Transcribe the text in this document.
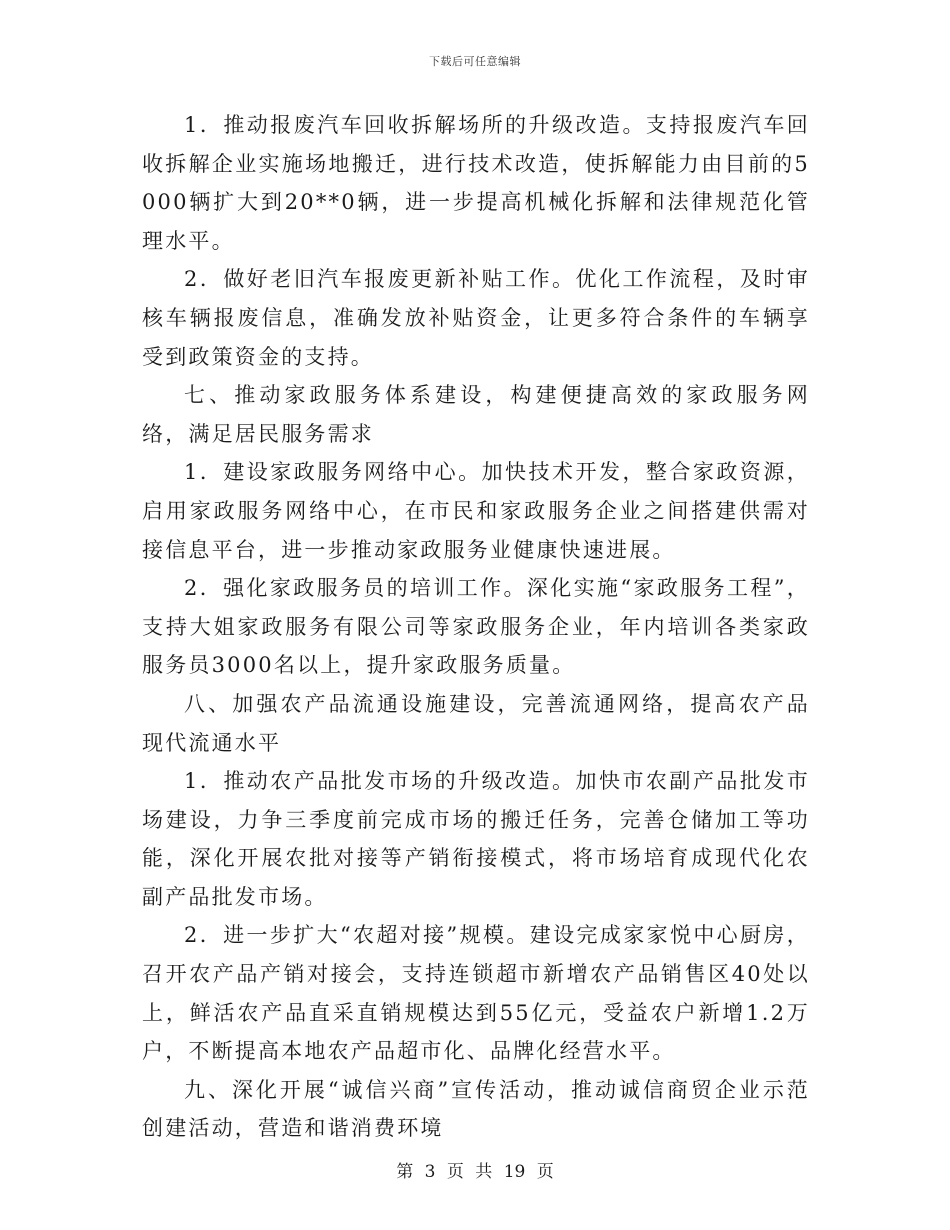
下载后可任意编辑

1．推动报废汽车回收拆解场所的升级改造。支持报废汽车回收拆解企业实施场地搬迁，进行技术改造，使拆解能力由目前的5000辆扩大到20**0辆，进一步提高机械化拆解和法律规范化管理水平。

2．做好老旧汽车报废更新补贴工作。优化工作流程，及时审核车辆报废信息，准确发放补贴资金，让更多符合条件的车辆享受到政策资金的支持。

七、推动家政服务体系建设，构建便捷高效的家政服务网络，满足居民服务需求

1．建设家政服务网络中心。加快技术开发，整合家政资源，启用家政服务网络中心，在市民和家政服务企业之间搭建供需对接信息平台，进一步推动家政服务业健康快速进展。

2．强化家政服务员的培训工作。深化实施“家政服务工程”，支持大姐家政服务有限公司等家政服务企业，年内培训各类家政服务员3000名以上，提升家政服务质量。

八、加强农产品流通设施建设，完善流通网络，提高农产品现代流通水平

1．推动农产品批发市场的升级改造。加快市农副产品批发市场建设，力争三季度前完成市场的搬迁任务，完善仓储加工等功能，深化开展农批对接等产销衔接模式，将市场培育成现代化农副产品批发市场。

2．进一步扩大“农超对接”规模。建设完成家家悦中心厨房，召开农产品产销对接会，支持连锁超市新增农产品销售区40处以上，鲜活农产品直采直销规模达到55亿元，受益农户新增1.2万户，不断提高本地农产品超市化、品牌化经营水平。

九、深化开展“诚信兴商”宣传活动，推动诚信商贸企业示范创建活动，营造和谐消费环境

第 3 页 共 19 页
